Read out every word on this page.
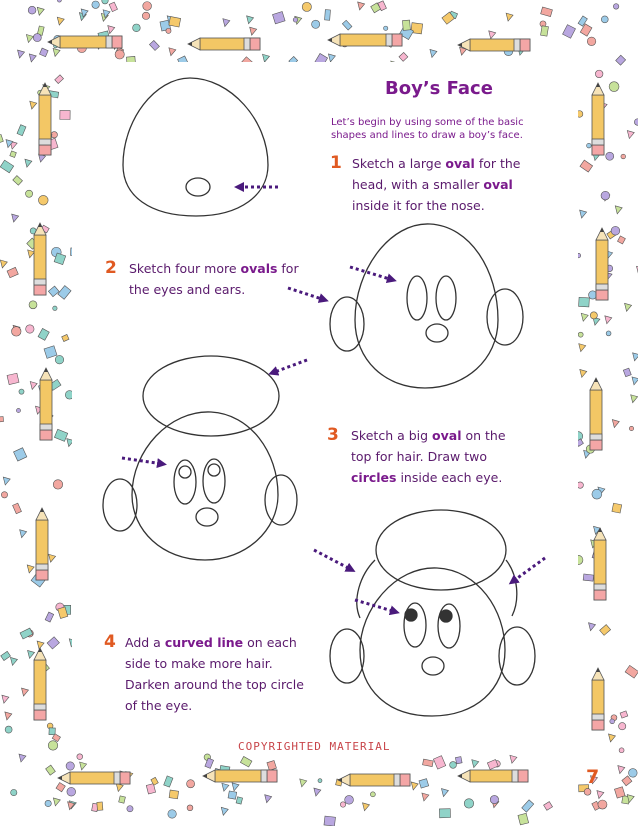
Boy’s Face
Let’s begin by using some of the basic shapes and lines to draw a boy’s face.
1 Sketch a large oval for the head, with a smaller oval inside it for the nose.
2 Sketch four more ovals for the eyes and ears.
3 Sketch a big oval on the top for hair. Draw two circles inside each eye.
4 Add a curved line on each side to make more hair. Darken around the top circle of the eye.
COPYRIGHTED MATERIAL
7
